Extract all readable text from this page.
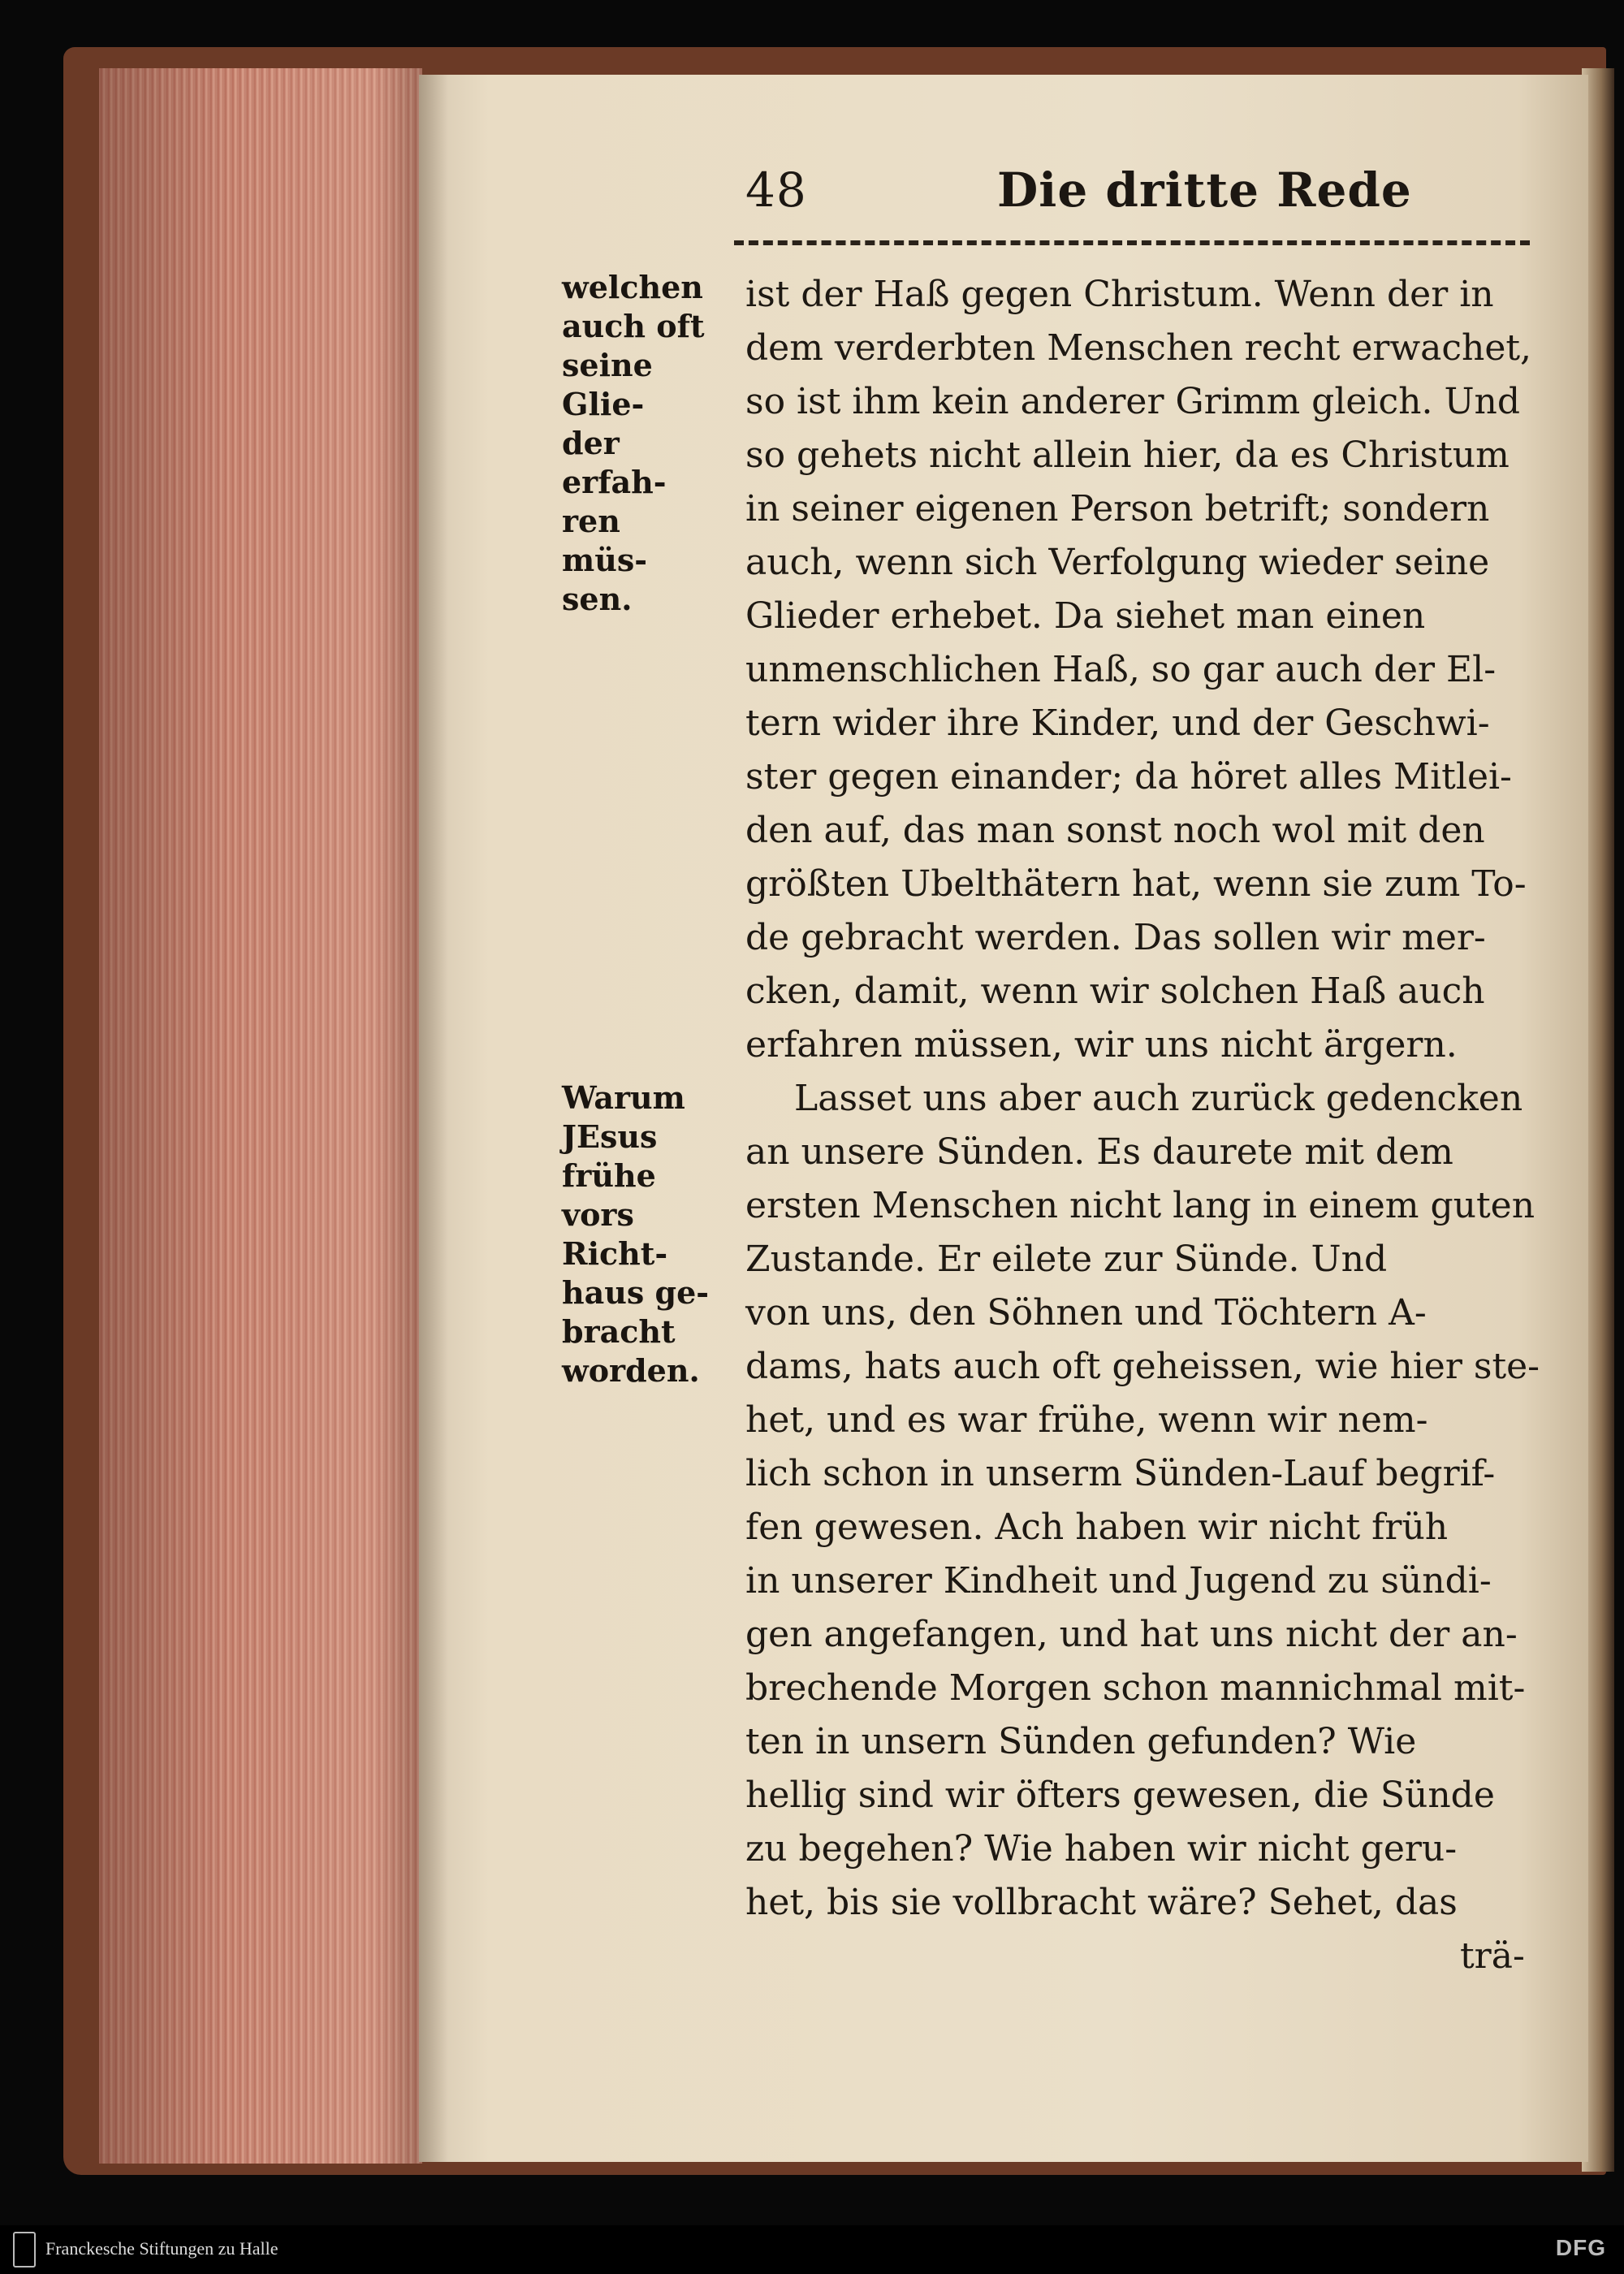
48	Die dritte Rede
welchen
auch oft
seine Glie-
der erfah-
ren müs-
sen.
Warum
JEsus
frühe vors
Richt-
haus ge-
bracht
worden.
ist der Haß gegen Christum. Wenn der in
dem verderbten Menschen recht erwachet,
so ist ihm kein anderer Grimm gleich. Und
so gehets nicht allein hier, da es Christum
in seiner eigenen Person betrift; sondern
auch, wenn sich Verfolgung wieder seine
Glieder erhebet. Da siehet man einen
unmenschlichen Haß, so gar auch der El-
tern wider ihre Kinder, und der Geschwi-
ster gegen einander; da höret alles Mitlei-
den auf, das man sonst noch wol mit den
größten Ubelthätern hat, wenn sie zum To-
de gebracht werden. Das sollen wir mer-
cken, damit, wenn wir solchen Haß auch
erfahren müssen, wir uns nicht ärgern.
Lasset uns aber auch zurück gedencken
an unsere Sünden. Es daurete mit dem
ersten Menschen nicht lang in einem guten
Zustande. Er eilete zur Sünde. Und
von uns, den Söhnen und Töchtern A-
dams, hats auch oft geheissen, wie hier ste-
het, und es war frühe, wenn wir nem-
lich schon in unserm Sünden-Lauf begrif-
fen gewesen. Ach haben wir nicht früh
in unserer Kindheit und Jugend zu sündi-
gen angefangen, und hat uns nicht der an-
brechende Morgen schon mannichmal mit-
ten in unsern Sünden gefunden? Wie
hellig sind wir öfters gewesen, die Sünde
zu begehen? Wie haben wir nicht geru-
het, bis sie vollbracht wäre? Sehet, das
trä-
Franckesche Stiftungen zu Halle	DFG
